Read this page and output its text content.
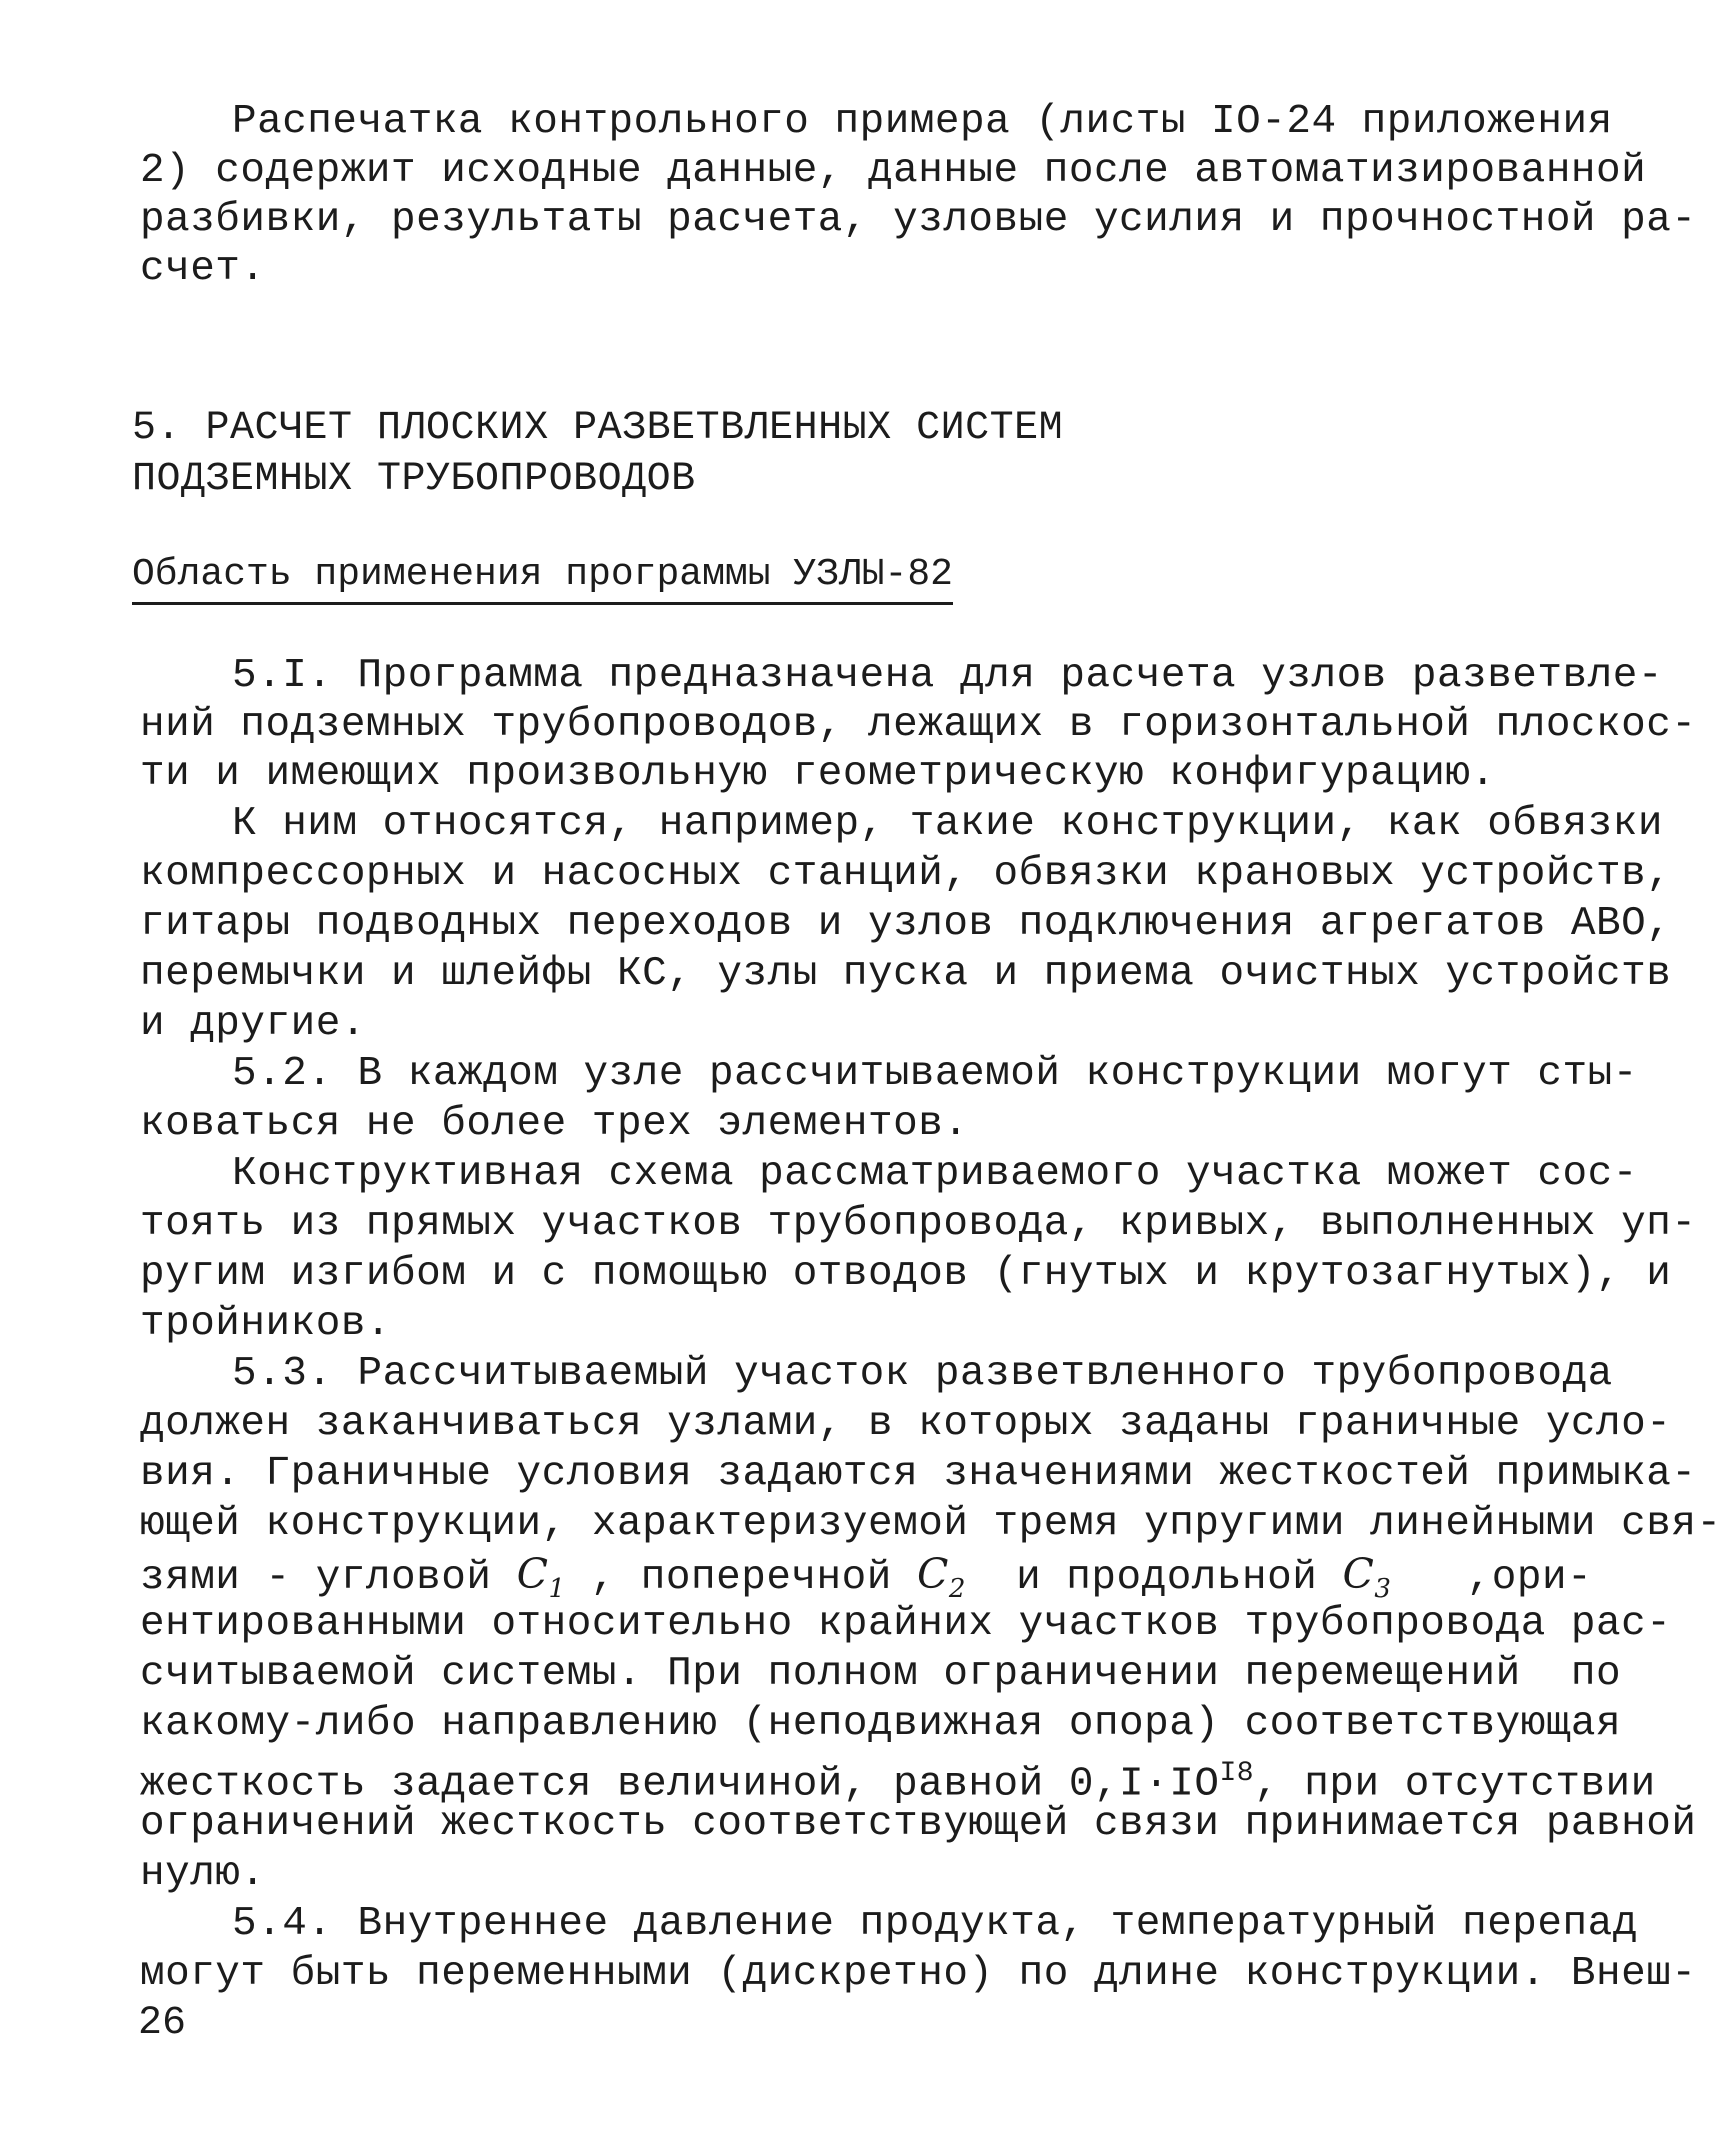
Распечатка контрольного примера (листы IO-24 приложения
2) содержит исходные данные, данные после автоматизированной
разбивки, результаты расчета, узловые усилия и прочностной ра-
счет.
5. РАСЧЕТ ПЛОСКИХ РАЗВЕТВЛЕННЫХ СИСТЕМ
ПОДЗЕМНЫХ ТРУБОПРОВОДОВ
Область применения программы УЗЛЫ-82
5.I. Программа предназначена для расчета узлов разветвле-
ний подземных трубопроводов, лежащих в горизонтальной плоскос-
ти и имеющих произвольную геометрическую конфигурацию.
К ним относятся, например, такие конструкции, как обвязки
компрессорных и насосных станций, обвязки крановых устройств,
гитары подводных переходов и узлов подключения агрегатов АВО,
перемычки и шлейфы КС, узлы пуска и приема очистных устройств
и другие.
5.2. В каждом узле рассчитываемой конструкции могут сты-
коваться не более трех элементов.
Конструктивная схема рассматриваемого участка может сос-
тоять из прямых участков трубопровода, кривых, выполненных уп-
ругим изгибом и с помощью отводов (гнутых и крутозагнутых), и
тройников.
5.3. Рассчитываемый участок разветвленного трубопровода
должен заканчиваться узлами, в которых заданы граничные усло-
вия. Граничные условия задаются значениями жесткостей примыка-
ющей конструкции, характеризуемой тремя упругими линейными свя-
зями - угловой $C_1$ , поперечной $C_2$  и продольной $C_3$   ,ори-
ентированными относительно крайних участков трубопровода рас-
считываемой системы. При полном ограничении перемещений  по
какому-либо направлению (неподвижная опора) соответствующая
жесткость задается величиной, равной $0,I\cdot IO^{I8}$, при отсутствии
ограничений жесткость соответствующей связи принимается равной
нулю.
5.4. Внутреннее давление продукта, температурный перепад
могут быть переменными (дискретно) по длине конструкции. Внеш-
26
